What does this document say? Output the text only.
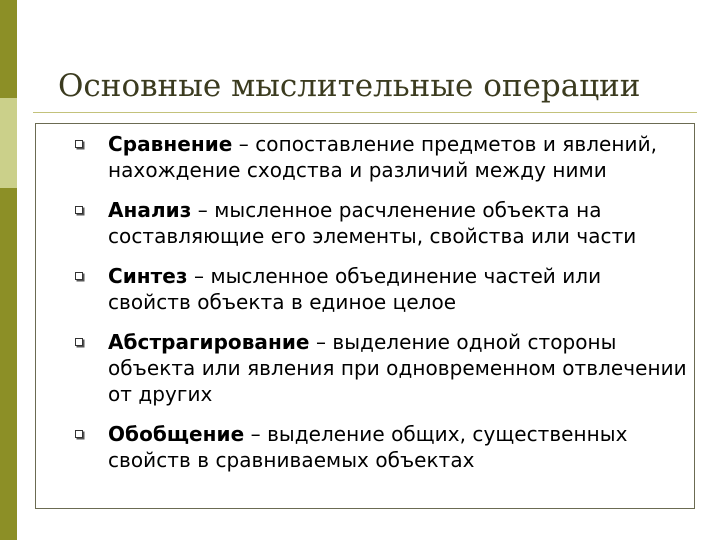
Основные мыслительные операции
Сравнение – сопоставление предметов и явлений, нахождение сходства и различий между ними
Анализ – мысленное расчленение объекта на составляющие его элементы, свойства или части
Синтез – мысленное объединение частей или свойств объекта в единое целое
Абстрагирование – выделение одной стороны объекта или явления при одновременном отвлечении от других
Обобщение – выделение общих, существенных свойств в сравниваемых объектах
